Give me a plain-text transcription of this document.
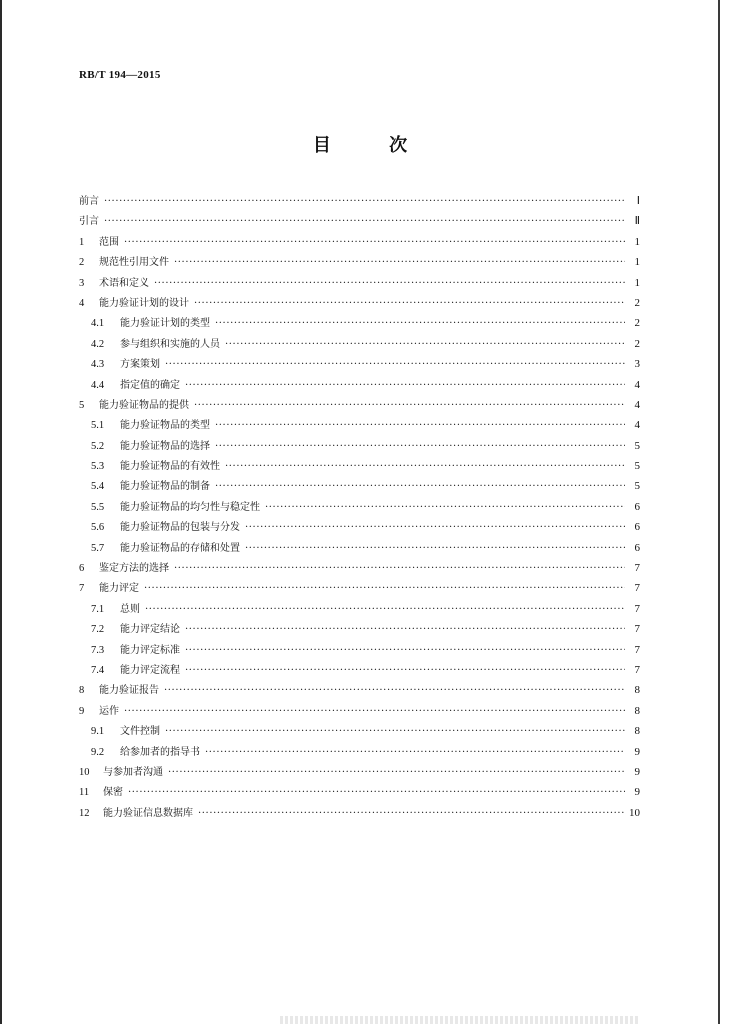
RB/T 194—2015
目 次
前言 ·····	Ⅰ
引言 ·····	Ⅱ
1	范围 ·····	1
2	规范性引用文件 ·····	1
3	术语和定义 ·····	1
4	能力验证计划的设计 ·····	2
4.1	能力验证计划的类型 ·····	2
4.2	参与组织和实施的人员 ·····	2
4.3	方案策划 ·····	3
4.4	指定值的确定 ·····	4
5	能力验证物品的提供 ·····	4
5.1	能力验证物品的类型 ·····	4
5.2	能力验证物品的选择 ·····	5
5.3	能力验证物品的有效性 ·····	5
5.4	能力验证物品的制备 ·····	5
5.5	能力验证物品的均匀性与稳定性 ·····	6
5.6	能力验证物品的包装与分发 ·····	6
5.7	能力验证物品的存储和处置 ·····	6
6	鉴定方法的选择 ·····	7
7	能力评定 ·····	7
7.1	总则 ·····	7
7.2	能力评定结论 ·····	7
7.3	能力评定标准 ·····	7
7.4	能力评定流程 ·····	7
8	能力验证报告 ·····	8
9	运作 ·····	8
9.1	文件控制 ·····	8
9.2	给参加者的指导书 ·····	9
10	与参加者沟通 ·····	9
11	保密 ·····	9
12	能力验证信息数据库 ·····	10
